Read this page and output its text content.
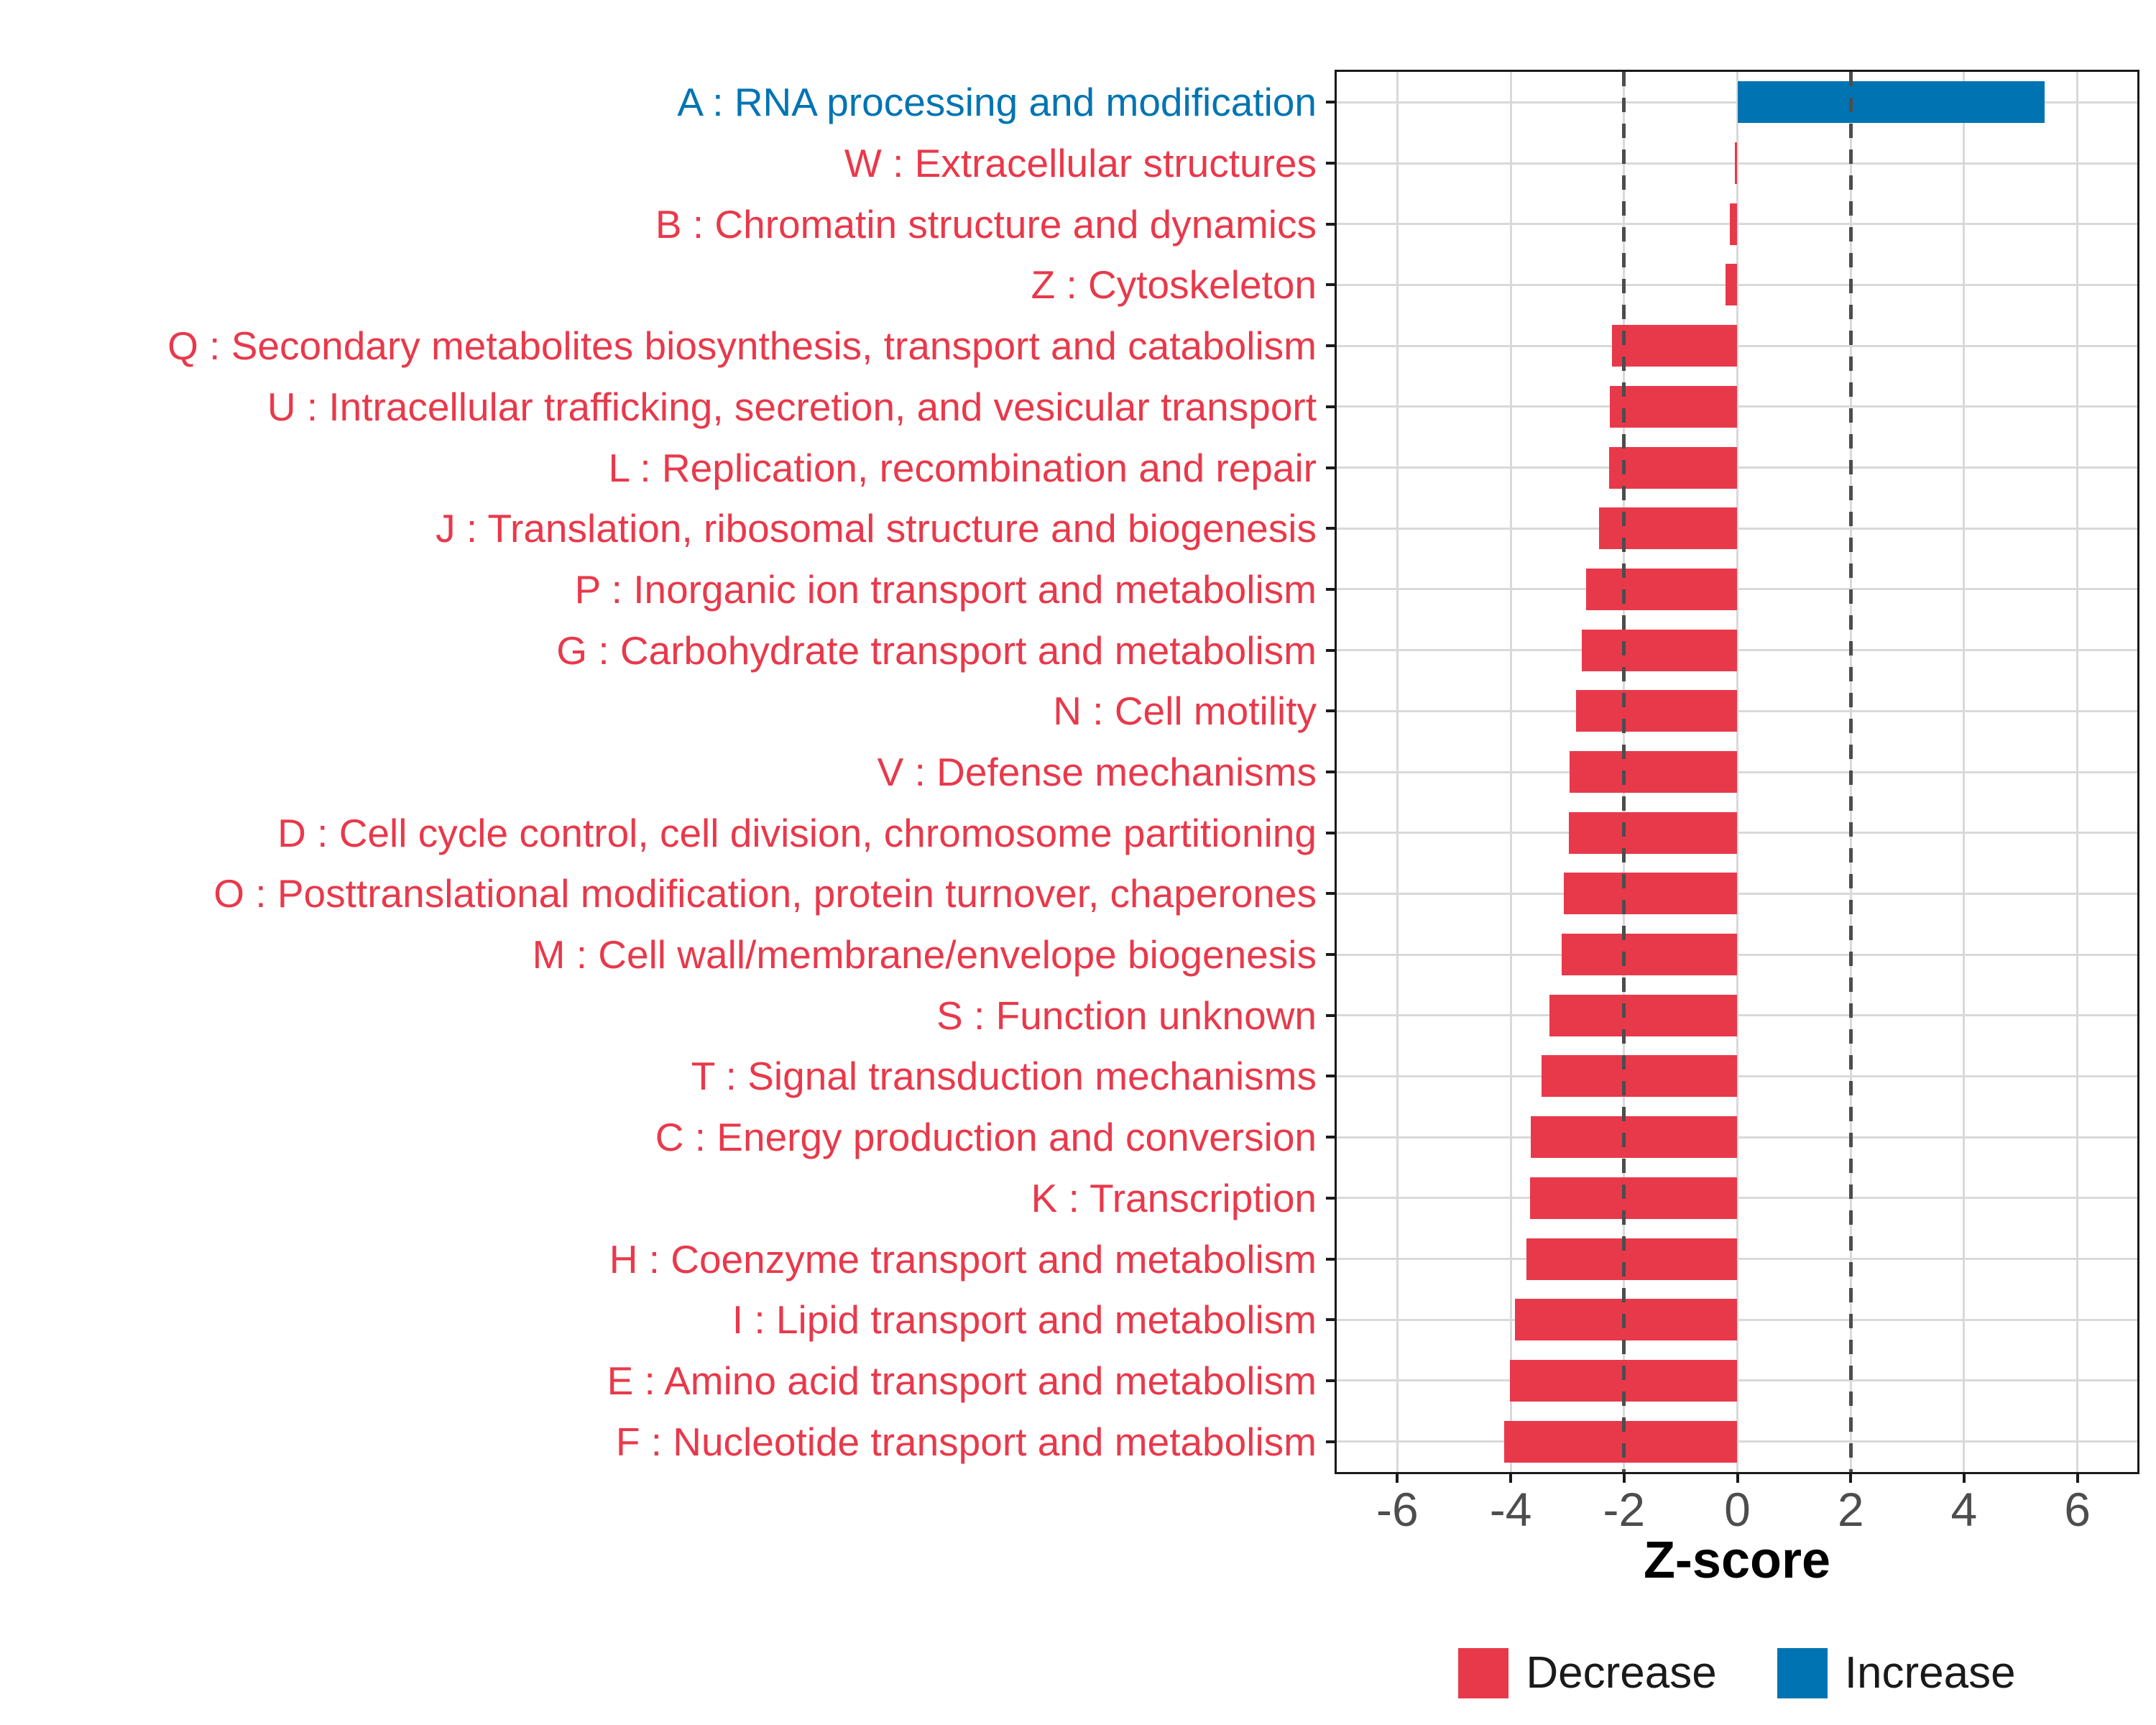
Z-score
-6	-4	-2	0	2	4	6
A : RNA processing and modification
W : Extracellular structures
B : Chromatin structure and dynamics
Z : Cytoskeleton
Q : Secondary metabolites biosynthesis, transport and catabolism
U : Intracellular trafficking, secretion, and vesicular transport
L : Replication, recombination and repair
J : Translation, ribosomal structure and biogenesis
P : Inorganic ion transport and metabolism
G : Carbohydrate transport and metabolism
N : Cell motility
V : Defense mechanisms
D : Cell cycle control, cell division, chromosome partitioning
O : Posttranslational modification, protein turnover, chaperones
M : Cell wall/membrane/envelope biogenesis
S : Function unknown
T : Signal transduction mechanisms
C : Energy production and conversion
K : Transcription
H : Coenzyme transport and metabolism
I : Lipid transport and metabolism
E : Amino acid transport and metabolism
F : Nucleotide transport and metabolism
Decrease	Increase
